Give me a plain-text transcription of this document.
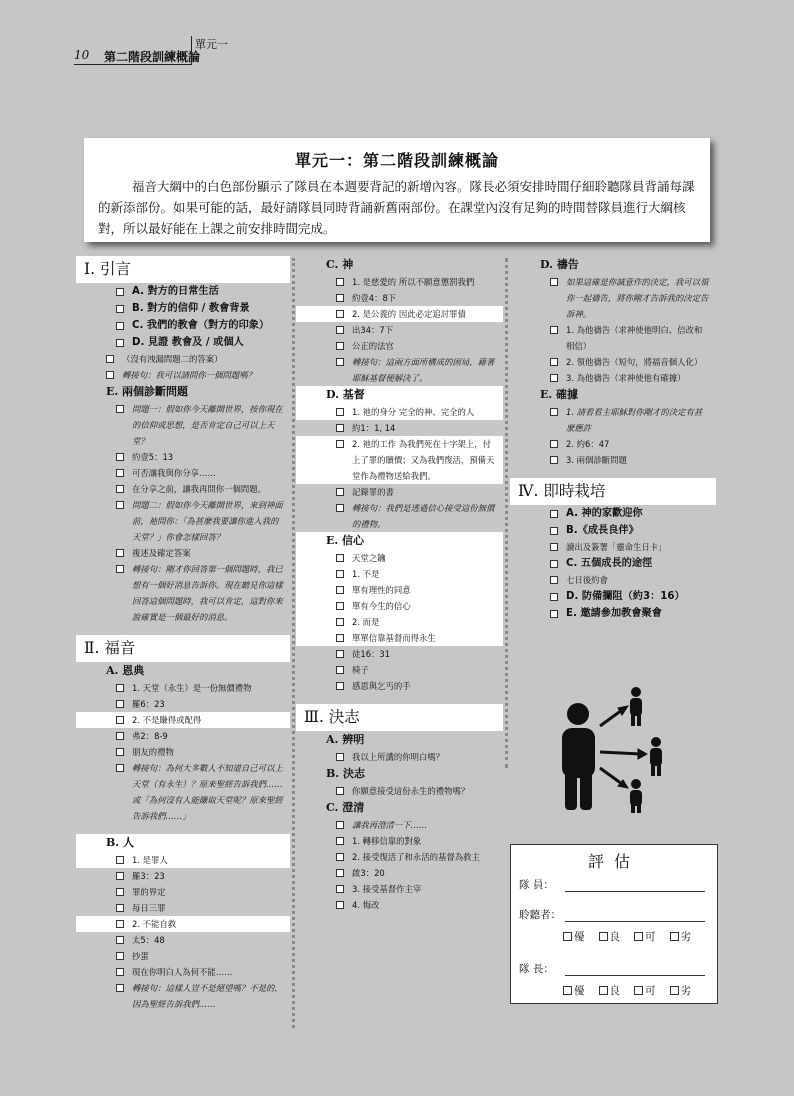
10 第二階段訓練概論
單元一
單元一：第二階段訓練概論

福音大綱中的白色部份顯示了隊員在本週要背記的新增內容。隊長必須安排時間仔細聆聽隊員背誦每課的新添部份。如果可能的話，最好請隊員同時背誦新舊兩部份。在課堂內沒有足夠的時間替隊員進行大綱核對，所以最好能在上課之前安排時間完成。

Ⅰ. 引言
A. 對方的日常生活
B. 對方的信仰 / 教會背景
C. 我們的教會（對方的印象）
D. 見證 教會及 / 或個人
（沒有洩漏問題二的答案）
轉接句：我可以請問你一個問題嗎？
E. 兩個診斷問題
問題一：假如你今天離開世界，按你現在的信仰或思想，是否肯定自己可以上天堂？
約壹5：13
可否讓我與你分享……
在分享之前，讓我再問你一個問題。
問題二：假如你今天離開世界，來到神面前，祂問你：「為甚麼我要讓你進入我的天堂？」你會怎樣回答？
複述及確定答案
轉接句：剛才你回答第一個問題時，我已想有一個好消息告訴你。現在聽見你這樣回答這個問題時，我可以肯定，這對你來說確實是一個最好的消息。
Ⅱ. 福音
A. 恩典
1. 天堂（永生）是一份無價禮物
羅6：23
2. 不是賺得或配得
弗2：8-9
朋友的禮物
轉接句：為何大多數人不知道自己可以上天堂（有永生）？原來聖經告訴我們……或「為何沒有人能賺取天堂呢？原來聖經告訴我們……」
B. 人
1. 是罪人
羅3：23
罪的界定
每日三罪
2. 不能自救
太5：48
抄蛋
現在你明白人為何不能……
轉接句：這樣人豈不是絕望嗎？不是的，因為聖經告訴我們……
C. 神
1. 是慈愛的 所以不願意懲罰我們
約壹4：8下
2. 是公義的 因此必定追討罪債
出34：7下
公正的法官
轉接句：這兩方面所構成的困局，藉著耶穌基督便解決了。
D. 基督
1. 祂的身分 完全的神、完全的人
約1：1, 14
2. 祂的工作 為我們死在十字架上，付上了罪的贖價；又為我們復活，預備天堂作為禮物送給我們。
記錄罪的書
轉接句：我們是透過信心接受這份無價的禮物。
E. 信心
天堂之鑰
1. 不是
單有理性的同意
單有今生的信心
2. 而是
單單信靠基督而得永生
徒16：31
椅子
感恩與乞丐的手
Ⅲ. 決志
A. 辨明
我以上所講的你明白嗎？
B. 決志
你願意接受這份永生的禮物嗎？
C. 澄清
讓我再澄清一下……
1. 轉移信靠的對象
2. 接受復活了和永活的基督為救主
啟3：20
3. 接受基督作主宰
4. 悔改
D. 禱告
如果這確是你誠意作的決定，我可以領你一起禱告，將你剛才告訴我的決定告訴神。
1. 為他禱告（求神使他明白、信改和相信）
2. 領他禱告（短句，將福音個人化）
3. 為他禱告（求神使他有確據）
E. 確據
1. 請看看主耶穌對你剛才的決定有甚麼應許
2. 約6：47
3. 兩個診斷問題
Ⅳ. 即時栽培
A. 神的家歡迎你
B.《成長良伴》
讀出及簽署「靈命生日卡」
C. 五個成長的途徑
七日後約會
D. 防備攔阻（約3：16）
E. 邀請參加教會聚會
評估
隊 員：
聆聽者：
優 良 可 劣
隊 長：
優 良 可 劣
